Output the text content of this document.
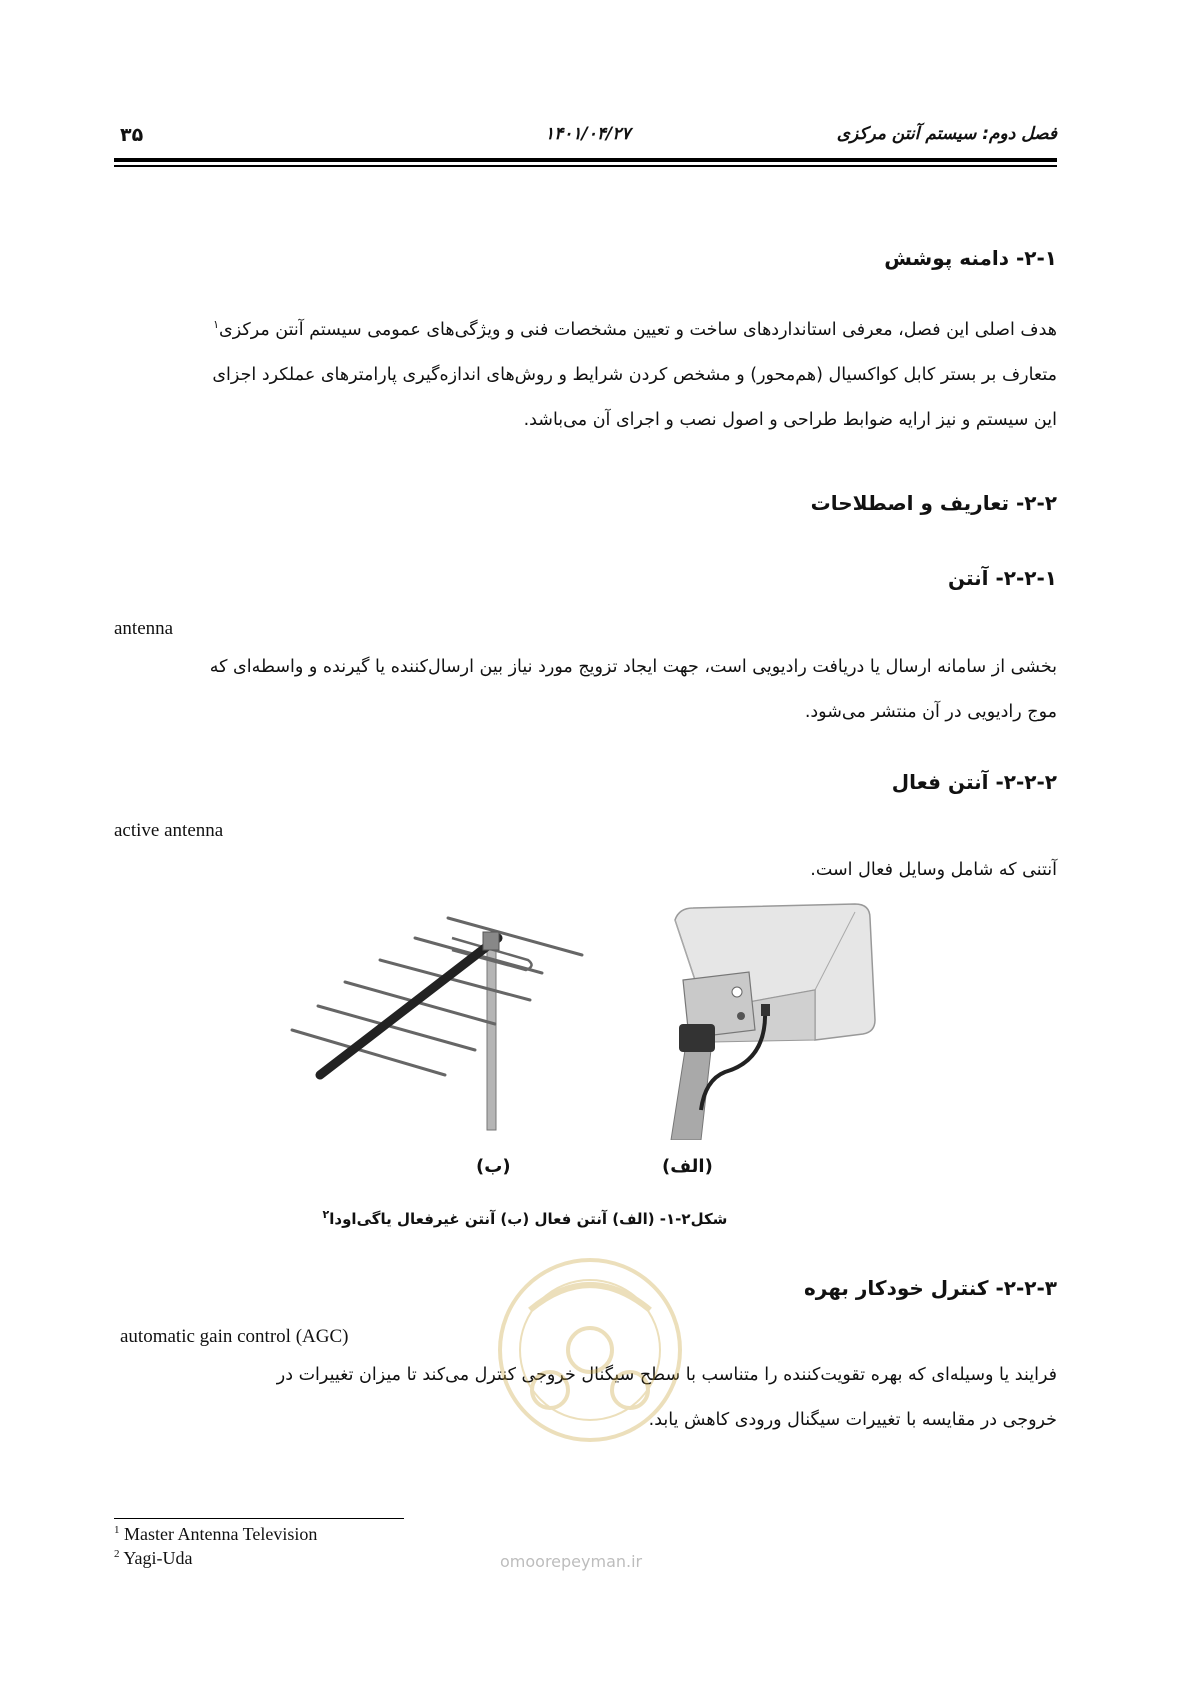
فصل دوم: سیستم آنتن مرکزی
۱۴۰۱/۰۴/۲۷
۳۵
۲-۱- دامنه پوشش

هدف اصلی این فصل، معرفی استانداردهای ساخت و تعیین مشخصات فنی و ویژگی‌های عمومی سیستم آنتن مرکزی$^۱$

متعارف بر بستر کابل کواکسیال (هم‌محور) و مشخص کردن شرایط و روش‌های اندازه‌گیری پارامترهای عملکرد اجزای

این سیستم و نیز ارایه ضوابط طراحی و اصول نصب و اجرای آن می‌باشد.

۲-۲- تعاریف و اصطلاحات
۲-۲-۱- آنتن
antenna

بخشی از سامانه ارسال یا دریافت رادیویی است، جهت ایجاد تزویج مورد نیاز بین ارسال‌کننده یا گیرنده و واسطه‌ای که

موج رادیویی در آن منتشر می‌شود.

۲-۲-۲- آنتن فعال
active antenna

آنتنی که شامل وسایل فعال است.

(ب)	(الف)
شکل۲-۱- (الف) آنتن فعال (ب) آنتن غیرفعال یاگی‌اودا$^۲$
۲-۲-۳- کنترل خودکار بهره
automatic gain control (AGC)

فرایند یا وسیله‌ای که بهره تقویت‌کننده را متناسب با سطح سیگنال خروجی کنترل می‌کند تا میزان تغییرات در

خروجی در مقایسه با تغییرات سیگنال ورودی کاهش یابد.

omoorepeyman.ir
$^1$ Master Antenna Television
$^2$ Yagi-Uda
